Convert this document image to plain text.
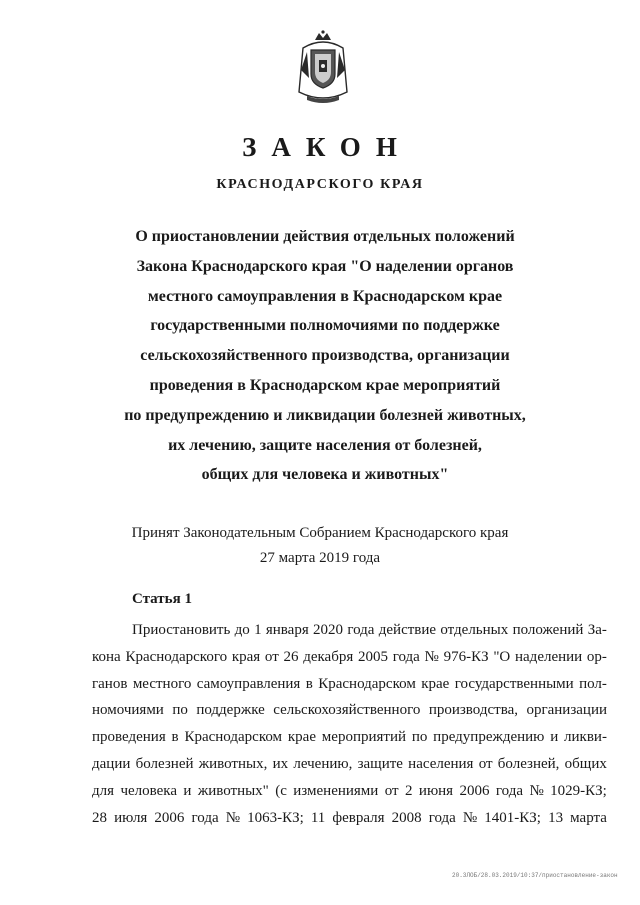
ЗАКОН
КРАСНОДАРСКОГО КРАЯ
О приостановлении действия отдельных положений
Закона Краснодарского края "О наделении органов
местного самоуправления в Краснодарском крае
государственными полномочиями по поддержке
сельскохозяйственного производства, организации
проведения в Краснодарском крае мероприятий
по предупреждению и ликвидации болезней животных,
их лечению, защите населения от болезней,
общих для человека и животных"
Принят Законодательным Собранием Краснодарского края
27 марта 2019 года
Статья 1
Приостановить до 1 января 2020 года действие отдельных положений За-
кона Краснодарского края от 26 декабря 2005 года № 976-КЗ "О наделении ор-
ганов местного самоуправления в Краснодарском крае государственными пол-
номочиями по поддержке сельскохозяйственного производства, организации
проведения в Краснодарском крае мероприятий по предупреждению и ликви-
дации болезней животных, их лечению, защите населения от болезней, общих
для человека и животных" (с изменениями от 2 июня 2006 года № 1029-КЗ;
28 июля 2006 года № 1063-КЗ; 11 февраля 2008 года № 1401-КЗ; 13 марта
20.3ЛОБ/28.03.2019/10:37/приостановление-закон
